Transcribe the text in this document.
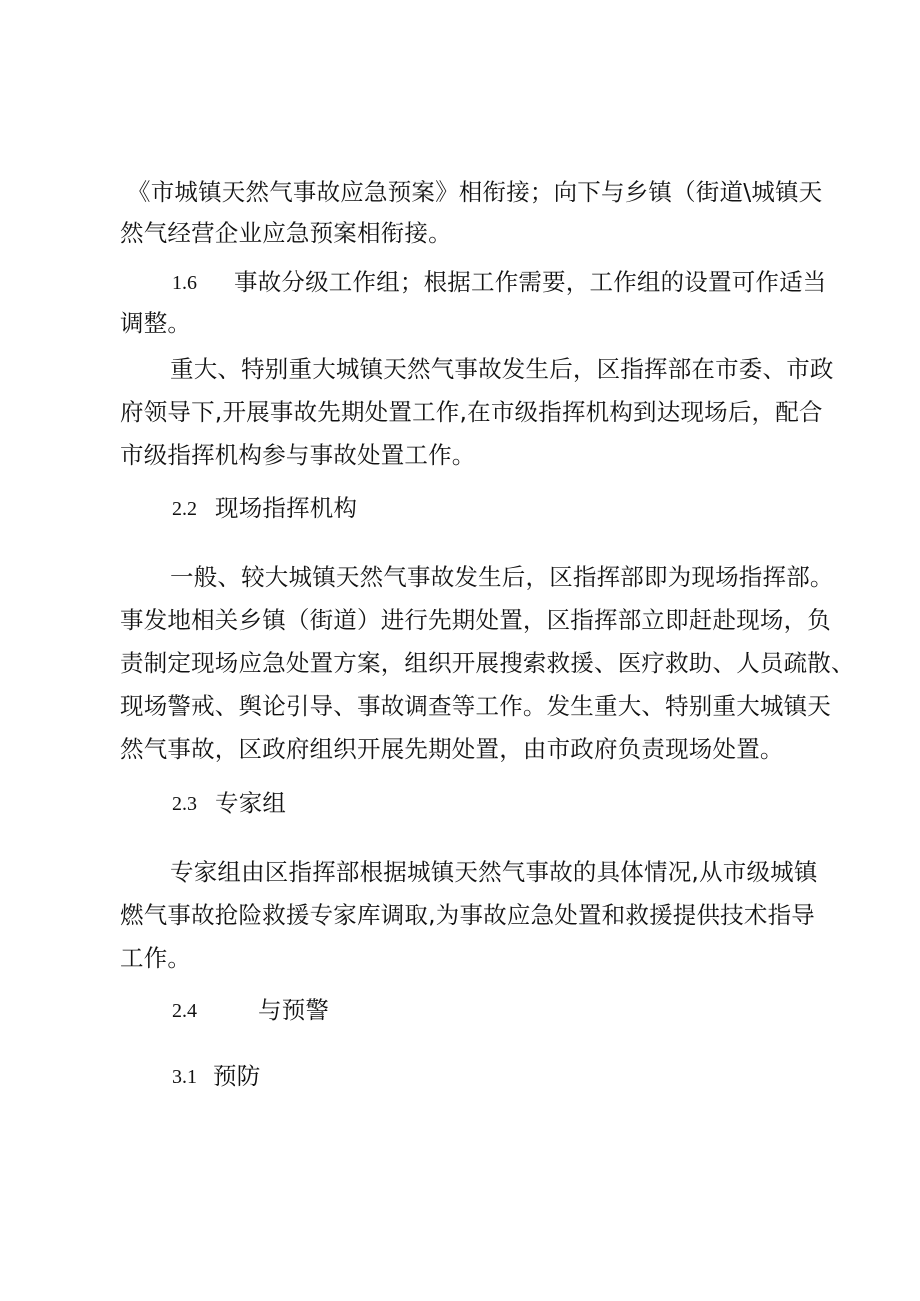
《市城镇天然气事故应急预案》相衔接；向下与乡镇（街道\城镇天
然气经营企业应急预案相衔接。
1.6 事故分级工作组；根据工作需要，工作组的设置可作适当
调整。
重大、特别重大城镇天然气事故发生后，区指挥部在市委、市政
府领导下,开展事故先期处置工作,在市级指挥机构到达现场后，配合
市级指挥机构参与事故处置工作。
2.2 现场指挥机构
一般、较大城镇天然气事故发生后，区指挥部即为现场指挥部。
事发地相关乡镇（街道）进行先期处置，区指挥部立即赶赴现场，负
责制定现场应急处置方案，组织开展搜索救援、医疗救助、人员疏散、
现场警戒、舆论引导、事故调查等工作。发生重大、特别重大城镇天
然气事故，区政府组织开展先期处置，由市政府负责现场处置。
2.3 专家组
专家组由区指挥部根据城镇天然气事故的具体情况,从市级城镇
燃气事故抢险救援专家库调取,为事故应急处置和救援提供技术指导
工作。
2.4	与预警
3.1 预防
